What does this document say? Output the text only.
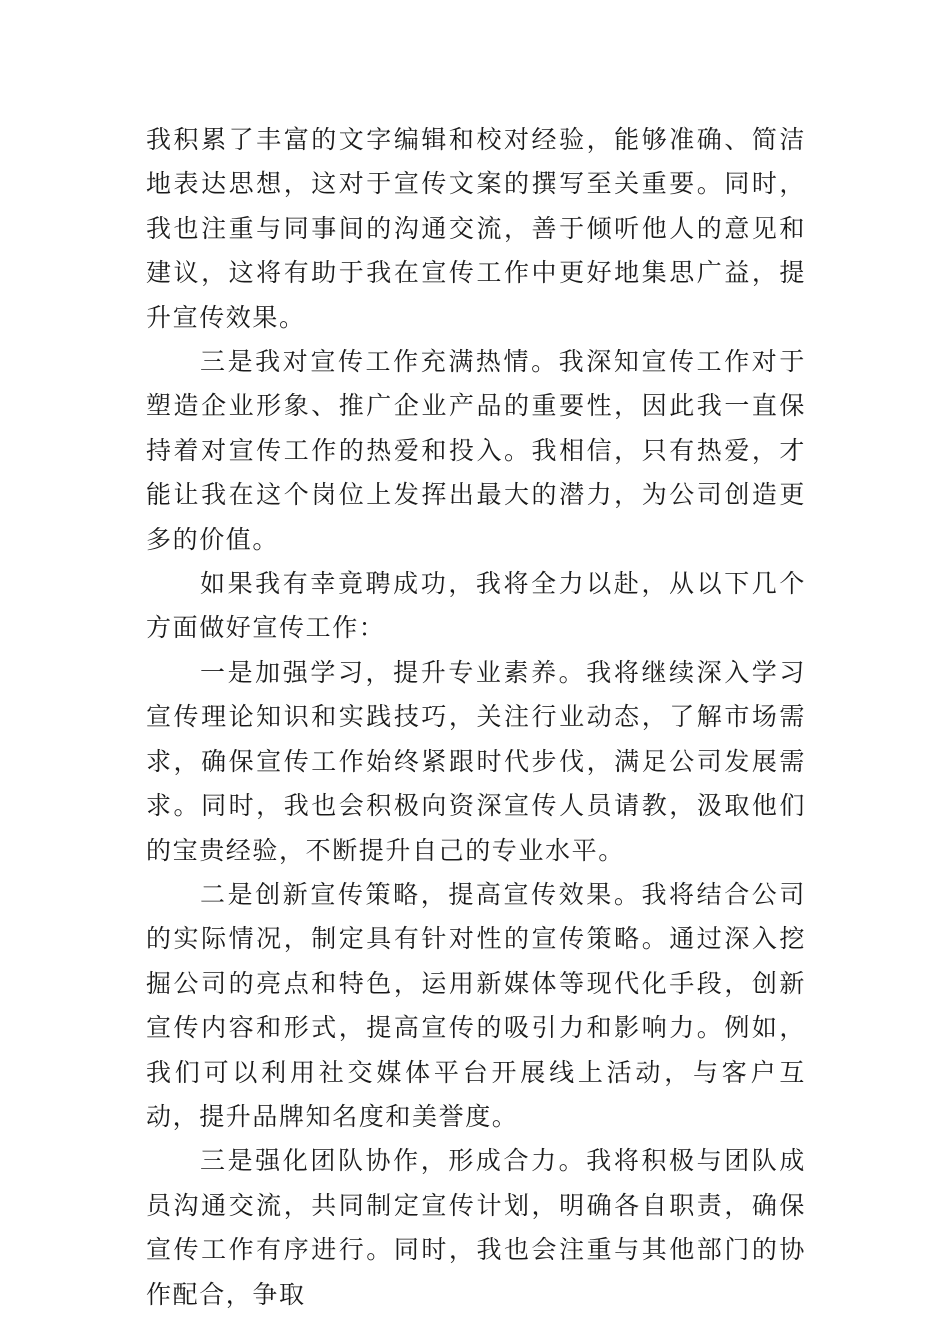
我积累了丰富的文字编辑和校对经验，能够准确、简洁地表达思想，这对于宣传文案的撰写至关重要。同时，我也注重与同事间的沟通交流，善于倾听他人的意见和建议，这将有助于我在宣传工作中更好地集思广益，提升宣传效果。

三是我对宣传工作充满热情。我深知宣传工作对于塑造企业形象、推广企业产品的重要性，因此我一直保持着对宣传工作的热爱和投入。我相信，只有热爱，才能让我在这个岗位上发挥出最大的潜力，为公司创造更多的价值。

如果我有幸竟聘成功，我将全力以赴，从以下几个方面做好宣传工作：

一是加强学习，提升专业素养。我将继续深入学习宣传理论知识和实践技巧，关注行业动态，了解市场需求，确保宣传工作始终紧跟时代步伐，满足公司发展需求。同时，我也会积极向资深宣传人员请教，汲取他们的宝贵经验，不断提升自己的专业水平。

二是创新宣传策略，提高宣传效果。我将结合公司的实际情况，制定具有针对性的宣传策略。通过深入挖掘公司的亮点和特色，运用新媒体等现代化手段，创新宣传内容和形式，提高宣传的吸引力和影响力。例如，我们可以利用社交媒体平台开展线上活动，与客户互动，提升品牌知名度和美誉度。

三是强化团队协作，形成合力。我将积极与团队成员沟通交流，共同制定宣传计划，明确各自职责，确保宣传工作有序进行。同时，我也会注重与其他部门的协作配合，争取
